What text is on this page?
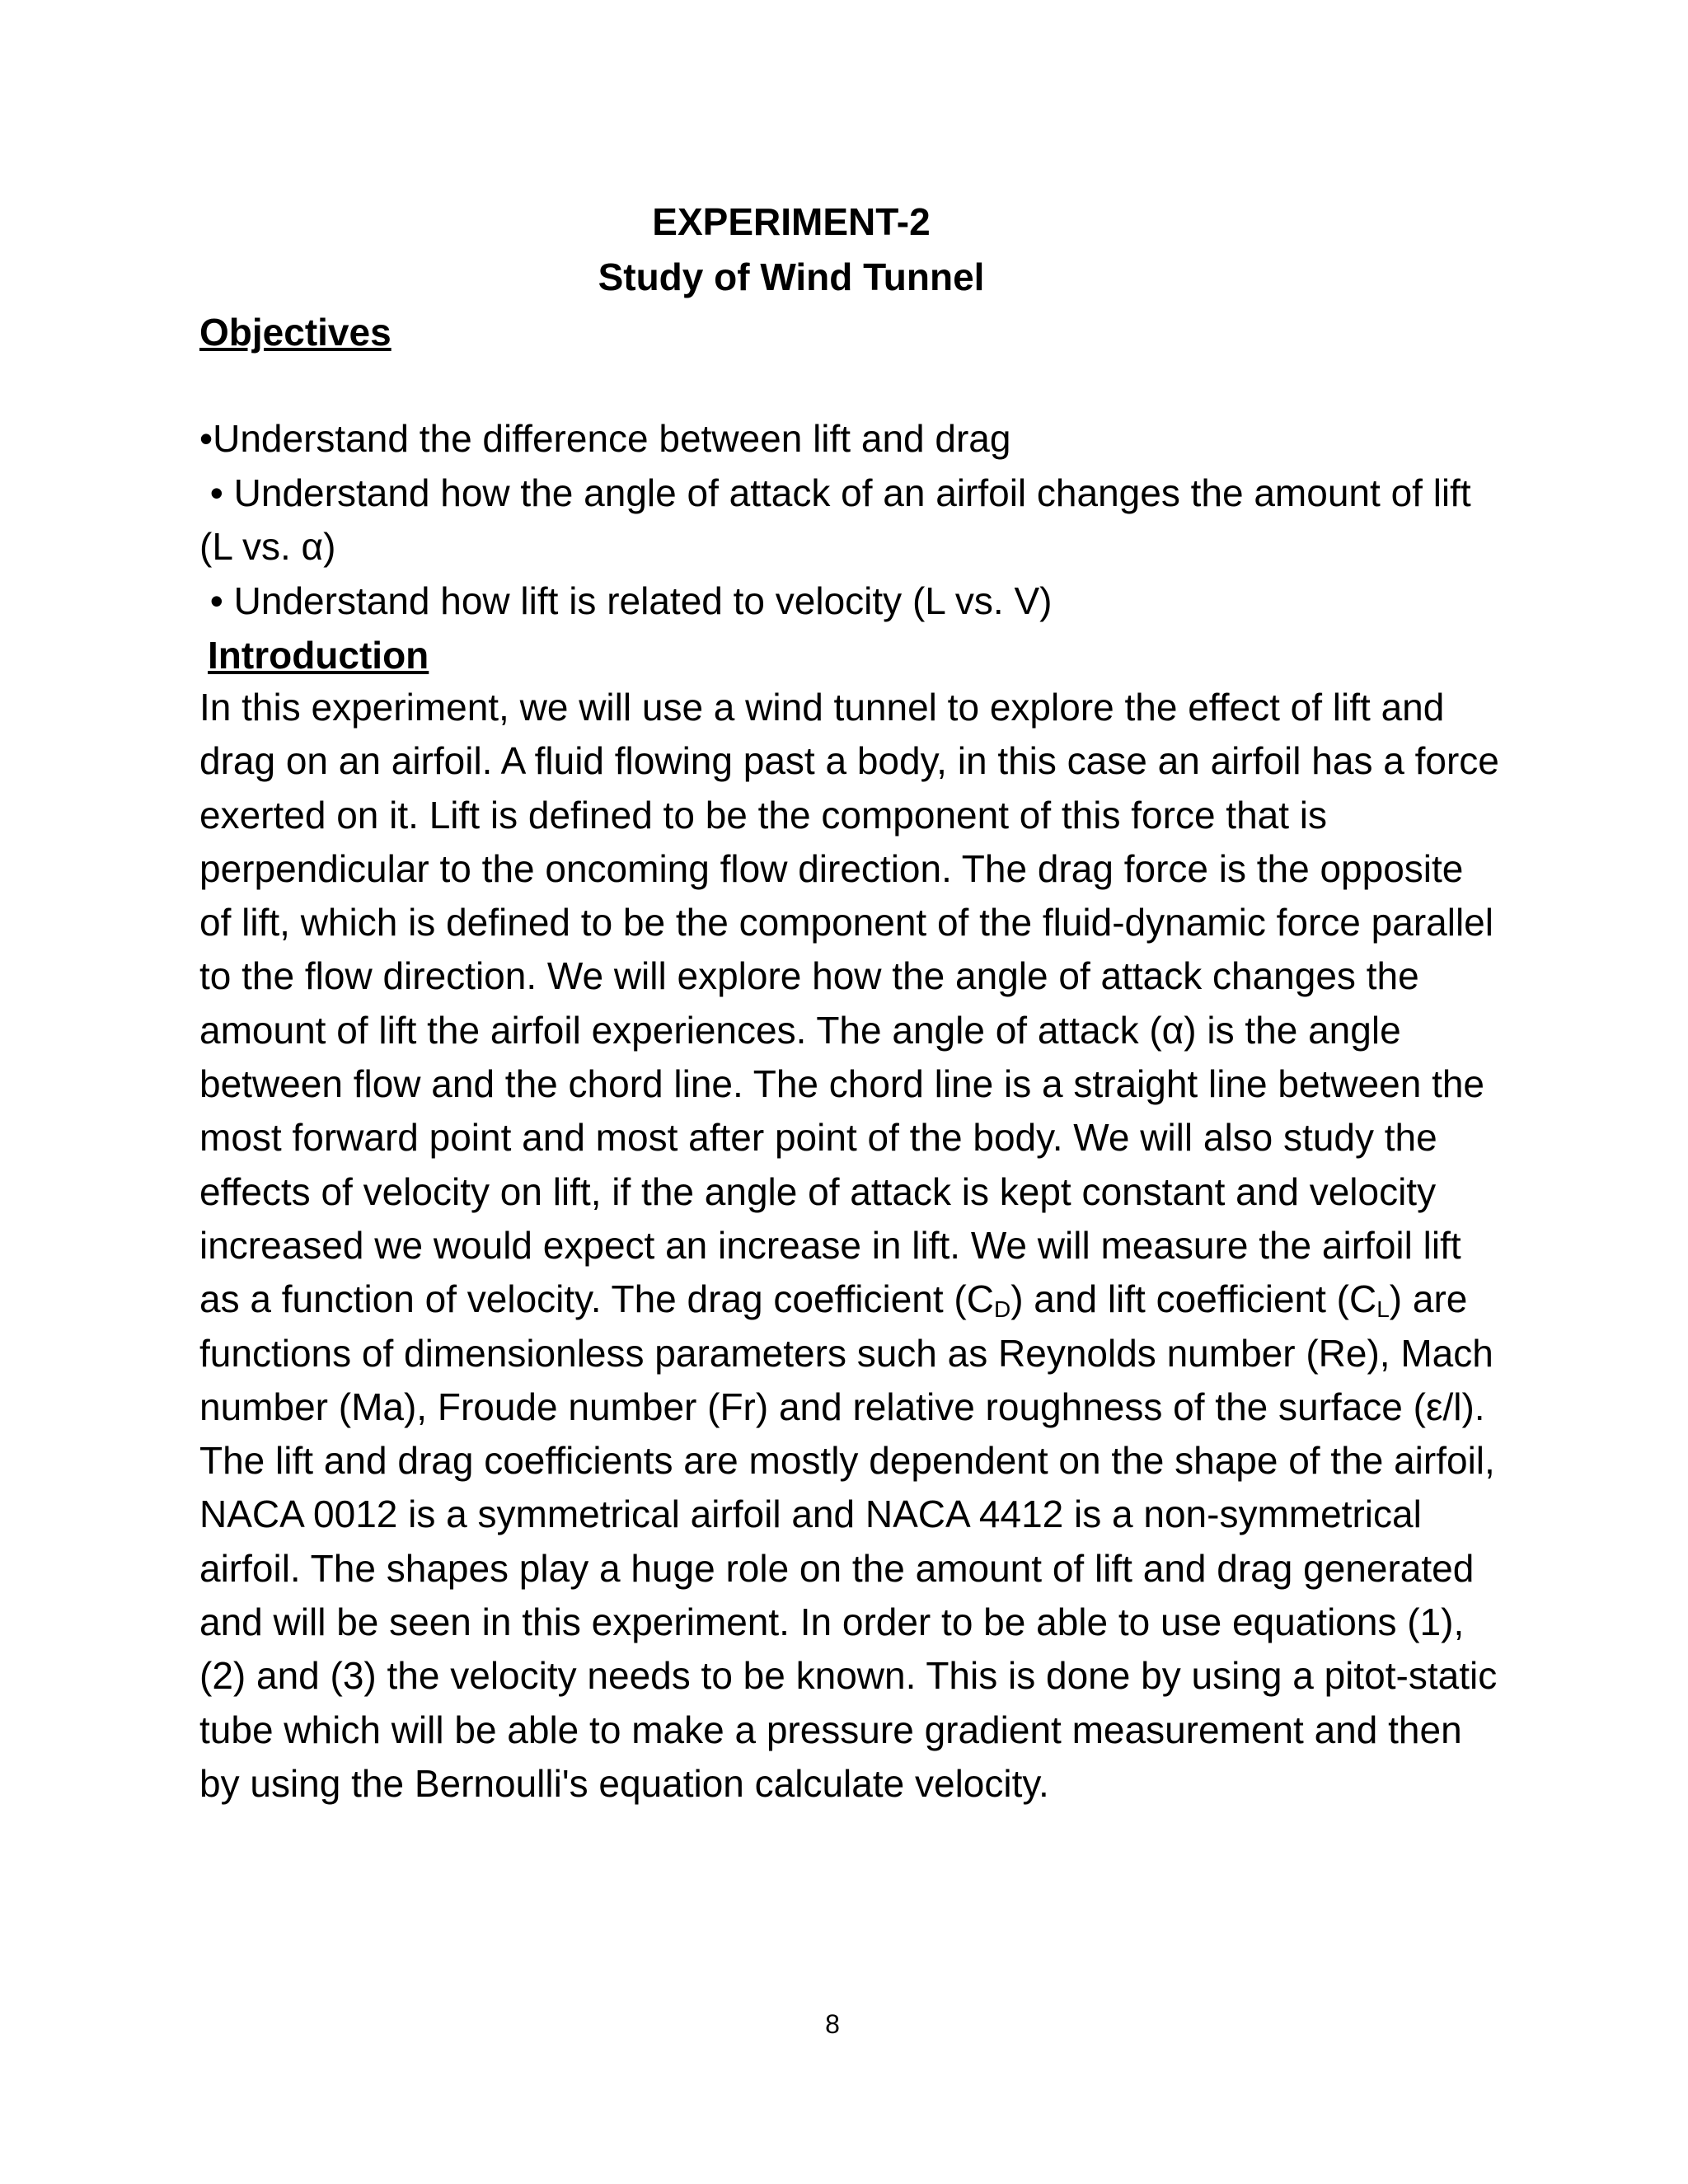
EXPERIMENT-2
Study of Wind Tunnel
Objectives
•Understand the difference between lift and drag
• Understand how the angle of attack of an airfoil changes the amount of lift (L vs. α)
• Understand how lift is related to velocity (L vs. V)
Introduction

In this experiment, we will use a wind tunnel to explore the effect of lift and drag on an airfoil. A fluid flowing past a body, in this case an airfoil has a force exerted on it. Lift is defined to be the component of this force that is perpendicular to the oncoming flow direction. The drag force is the opposite of lift, which is defined to be the component of the fluid-dynamic force parallel to the flow direction. We will explore how the angle of attack changes the amount of lift the airfoil experiences. The angle of attack (α) is the angle between flow and the chord line. The chord line is a straight line between the most forward point and most after point of the body. We will also study the effects of velocity on lift, if the angle of attack is kept constant and velocity increased we would expect an increase in lift. We will measure the airfoil lift as a function of velocity. The drag coefficient $(C_D)$ and lift coefficient $(C_L)$ are functions of dimensionless parameters such as Reynolds number (Re), Mach number (Ma), Froude number (Fr) and relative roughness of the surface (ε/l). The lift and drag coefficients are mostly dependent on the shape of the airfoil, NACA 0012 is a symmetrical airfoil and NACA 4412 is a non-symmetrical airfoil. The shapes play a huge role on the amount of lift and drag generated and will be seen in this experiment. In order to be able to use equations (1),(2) and (3) the velocity needs to be known. This is done by using a pitot-static tube which will be able to make a pressure gradient measurement and then by using the Bernoulli's equation calculate velocity.

8
